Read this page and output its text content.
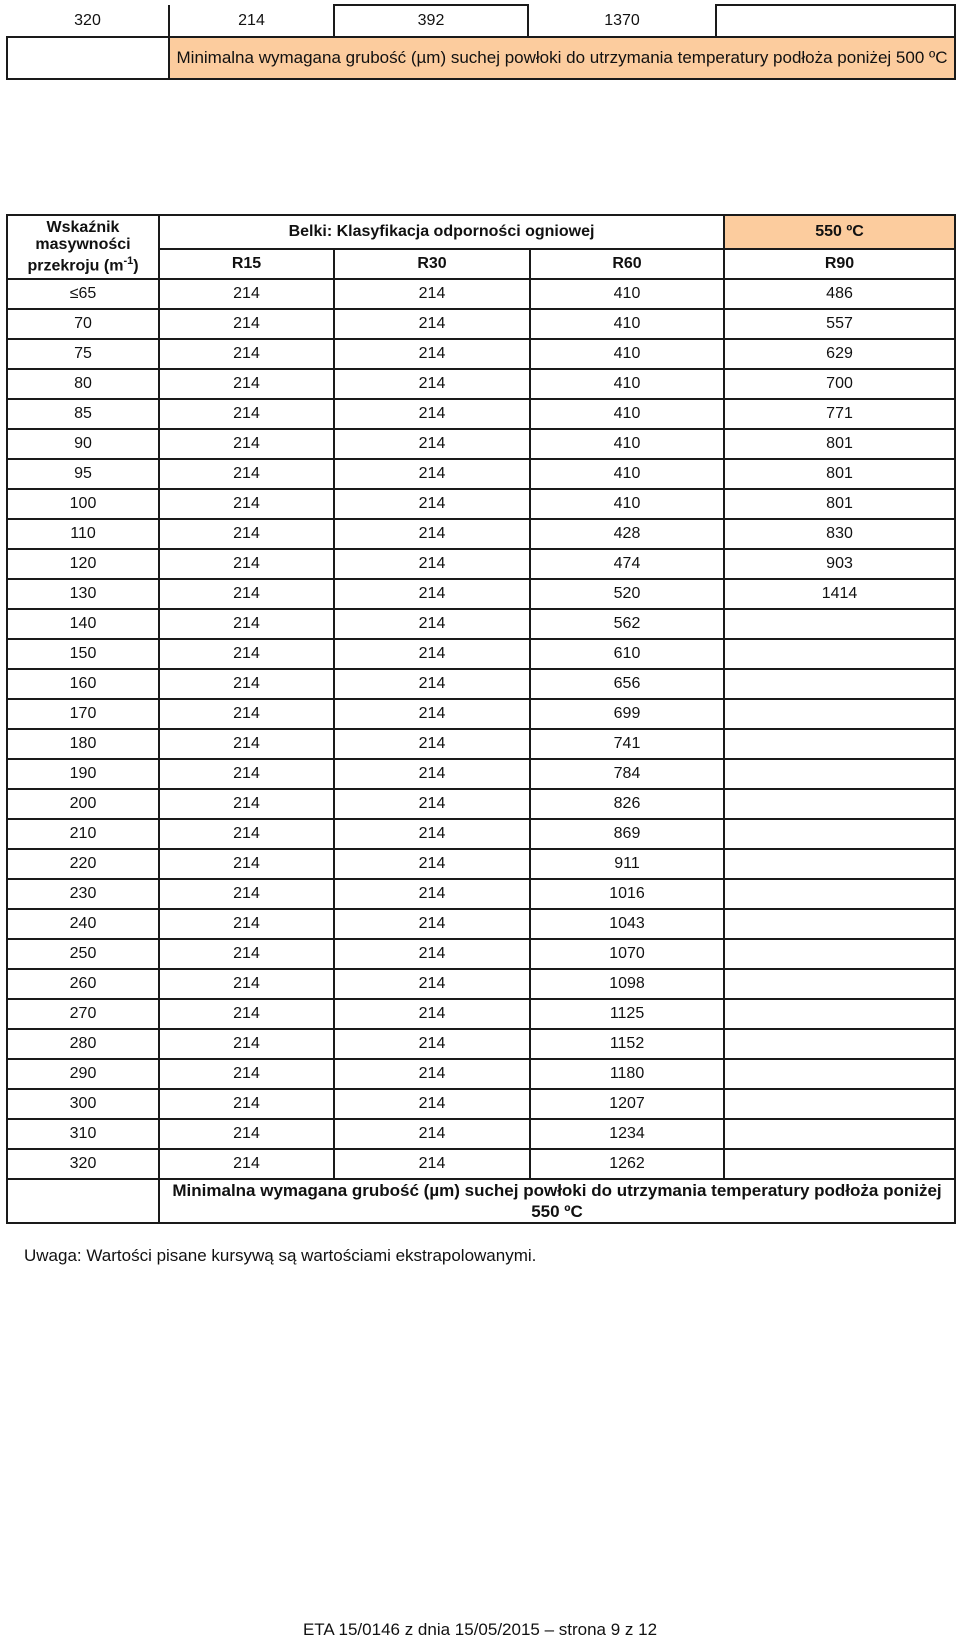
320	214	392	1370	
	Minimalna wymagana grubość (µm) suchej powłoki do utrzymania temperatury podłoża poniżej 500 ºC			
Wskaźnik
masywności
przekroju $(m^{-1})$	Belki: Klasyfikacja odporności ogniowej			550 ºC
	R15	R30	R60	R90
≤65	214	214	410	486
70	214	214	410	557
75	214	214	410	629
80	214	214	410	700
85	214	214	410	771
90	214	214	410	801
95	214	214	410	801
100	214	214	410	801
110	214	214	428	830
120	214	214	474	903
130	214	214	520	1414
140	214	214	562	
150	214	214	610	
160	214	214	656	
170	214	214	699	
180	214	214	741	
190	214	214	784	
200	214	214	826	
210	214	214	869	
220	214	214	911	
230	214	214	1016	
240	214	214	1043	
250	214	214	1070	
260	214	214	1098	
270	214	214	1125	
280	214	214	1152	
290	214	214	1180	
300	214	214	1207	
310	214	214	1234	
320	214	214	1262	
	Minimalna wymagana grubość (µm) suchej powłoki do utrzymania temperatury podłoża poniżej 550 ºC			
Uwaga: Wartości pisane kursywą są wartościami ekstrapolowanymi.
ETA 15/0146 z dnia 15/05/2015 – strona 9 z 12
